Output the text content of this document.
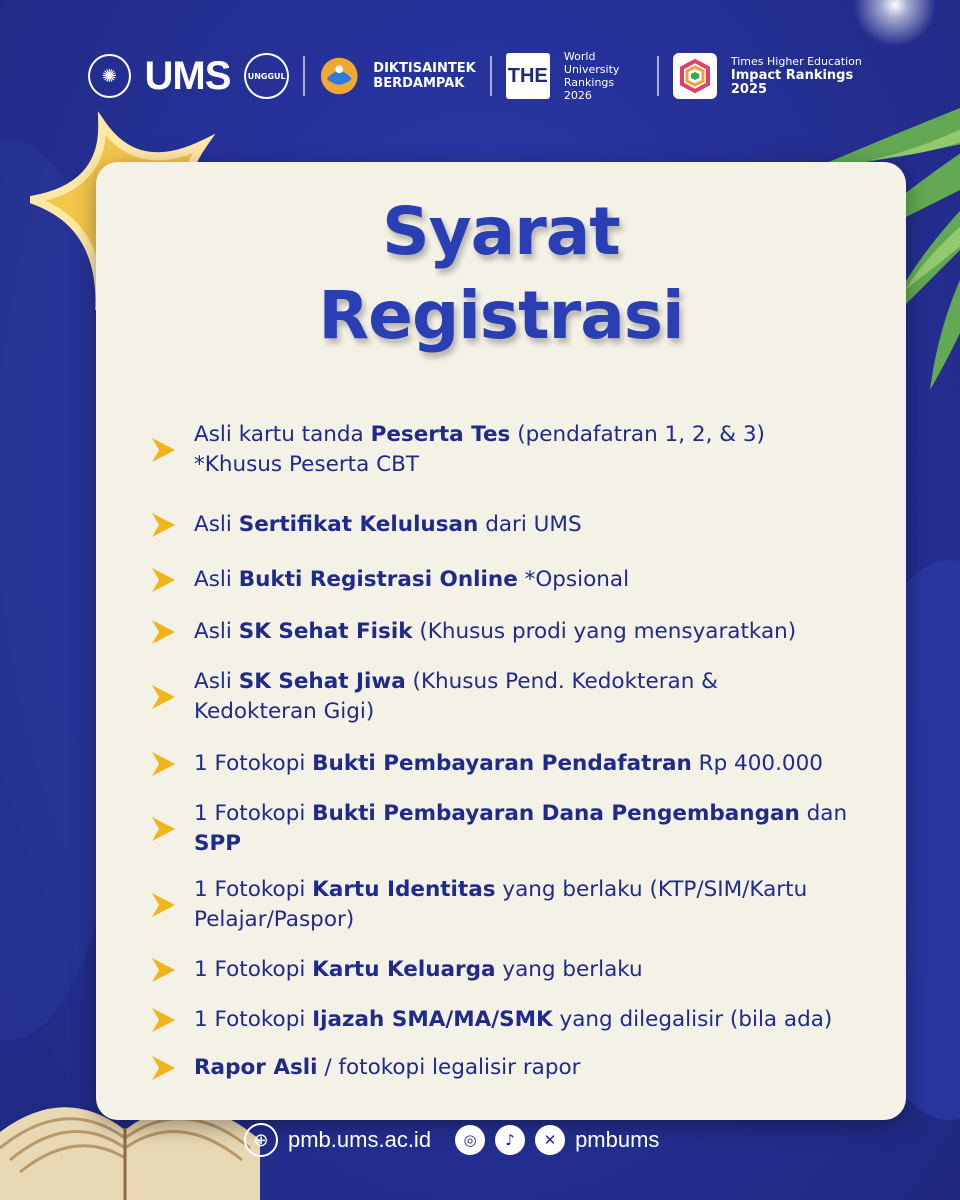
✺ UMS	UNGGUL	DIKTISAINTEK
BERDAMPAK	THE
World
University
Rankings 2026
Times Higher Education
Impact Rankings 2025
Syarat
Registrasi
Asli kartu tanda Peserta Tes (pendafatran 1, 2, & 3)
*Khusus Peserta CBT
Asli Sertifikat Kelulusan dari UMS
Asli Bukti Registrasi Online *Opsional
Asli SK Sehat Fisik (Khusus prodi yang mensyaratkan)
Asli SK Sehat Jiwa (Khusus Pend. Kedokteran &
Kedokteran Gigi)
1 Fotokopi Bukti Pembayaran Pendafatran Rp 400.000
1 Fotokopi Bukti Pembayaran Dana Pengembangan dan
SPP
1 Fotokopi Kartu Identitas yang berlaku (KTP/SIM/Kartu
Pelajar/Paspor)
1 Fotokopi Kartu Keluarga yang berlaku
1 Fotokopi Ijazah SMA/MA/SMK yang dilegalisir (bila ada)
Rapor Asli / fotokopi legalisir rapor
⊕ pmb.ums.ac.id	◎	♪	✕ pmbums
